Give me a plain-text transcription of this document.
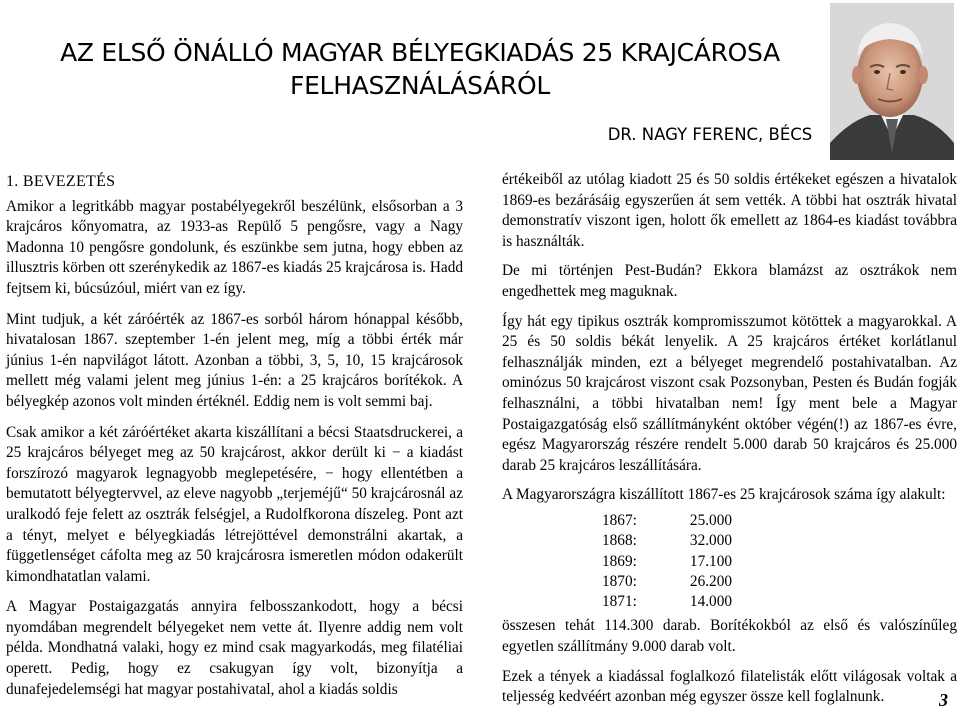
AZ ELSŐ ÖNÁLLÓ MAGYAR BÉLYEGKIADÁS 25 KRAJCÁROSA
FELHASZNÁLÁSÁRÓL
DR. NAGY FERENC, BÉCS
1. BEVEZETÉS

Amikor a legritkább magyar postabélyegekről beszélünk, elsősorban a 3 krajcáros kőnyomatra, az 1933-as Repülő 5 pengősre, vagy a Nagy Madonna 10 pengősre gondolunk, és eszünkbe sem jutna, hogy ebben az illusztris körben ott szerénykedik az 1867-es kiadás 25 krajcárosa is. Hadd fejtsem ki, búcsúzóul, miért van ez így.

Mint tudjuk, a két záróérték az 1867-es sorból három hónappal később, hivatalosan 1867. szeptember 1-én jelent meg, míg a többi érték már június 1-én napvilágot látott. Azonban a többi, 3, 5, 10, 15 krajcárosok mellett még valami jelent meg június 1-én: a 25 krajcáros borítékok. A bélyegkép azonos volt minden értéknél. Eddig nem is volt semmi baj.

Csak amikor a két záróértéket akarta kiszállítani a bécsi Staatsdruckerei, a 25 krajcáros bélyeget meg az 50 krajcárost, akkor derült ki − a kiadást forszírozó magyarok legnagyobb meglepetésére, − hogy ellentétben a bemutatott bélyegtervvel, az eleve nagyobb „terjeméjű“ 50 krajcárosnál az uralkodó feje felett az osztrák felségjel, a Rudolfkorona díszeleg. Pont azt a tényt, melyet e bélyegkiadás létrejöttével demonstrálni akartak, a függetlenséget cáfolta meg az 50 krajcárosra ismeretlen módon odakerült kimondhatatlan valami.

A Magyar Postaigazgatás annyira felbosszankodott, hogy a bécsi nyomdában megrendelt bélyegeket nem vette át. Ilyenre addig nem volt példa. Mondhatná valaki, hogy ez mind csak magyarkodás, meg filatéliai operett. Pedig, hogy ez csakugyan így volt, bizonyítja a dunafejedelemségi hat magyar postahivatal, ahol a kiadás soldis

értékeiből az utólag kiadott 25 és 50 soldis értékeket egészen a hivatalok 1869-es bezárásáig egyszerűen át sem vették. A többi hat osztrák hivatal demonstratív viszont igen, holott ők emellett az 1864-es kiadást továbbra is használták.

De mi történjen Pest-Budán? Ekkora blamázst az osztrákok nem engedhettek meg maguknak.

Így hát egy tipikus osztrák kompromisszumot kötöttek a magyarokkal. A 25 és 50 soldis békát lenyelik. A 25 krajcáros értéket korlátlanul felhasználják minden, ezt a bélyeget megrendelő postahivatalban. Az ominózus 50 krajcárost viszont csak Pozsonyban, Pesten és Budán fogják felhasználni, a többi hivatalban nem! Így ment bele a Magyar Postaigazgatóság első szállítmányként október végén(!) az 1867-es évre, egész Magyarország részére rendelt 5.000 darab 50 krajcáros és 25.000 darab 25 krajcáros leszállítására.

A Magyarországra kiszállított 1867-es 25 krajcárosok száma így alakult:

1867:	25.000
1868:	32.000
1869:	17.100
1870:	26.200
1871:	14.000

összesen tehát 114.300 darab. Borítékokból az első és valószínűleg egyetlen szállítmány 9.000 darab volt.

Ezek a tények a kiadással foglalkozó filatelisták előtt világosak voltak a teljesség kedvéért azonban még egyszer össze kell foglalnunk.	3
